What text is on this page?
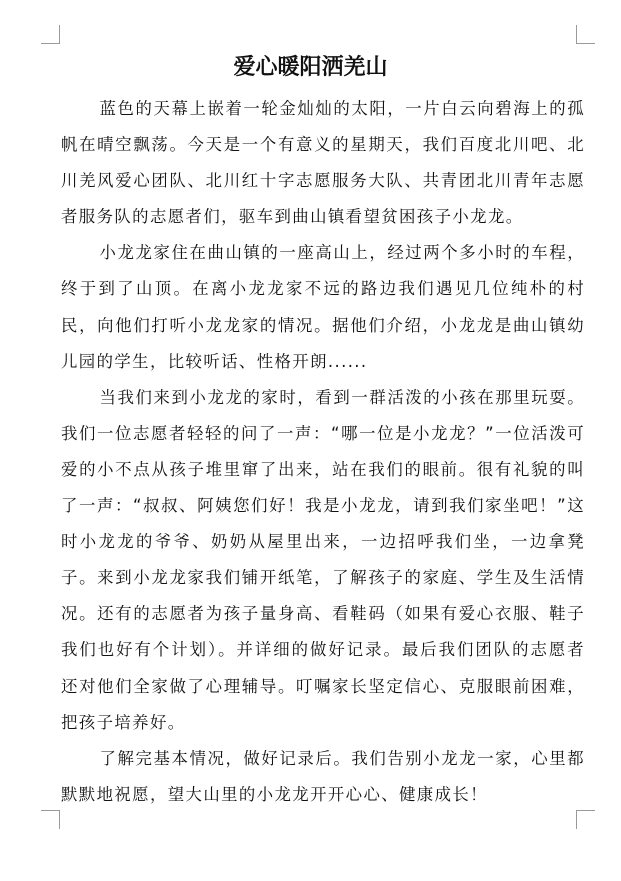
爱心暖阳洒羌山

蓝色的天幕上嵌着一轮金灿灿的太阳，一片白云向碧海上的孤帆在晴空飘荡。今天是一个有意义的星期天，我们百度北川吧、北川羌风爱心团队、北川红十字志愿服务大队、共青团北川青年志愿者服务队的志愿者们，驱车到曲山镇看望贫困孩子小龙龙。

小龙龙家住在曲山镇的一座高山上，经过两个多小时的车程，终于到了山顶。在离小龙龙家不远的路边我们遇见几位纯朴的村民，向他们打听小龙龙家的情况。据他们介绍，小龙龙是曲山镇幼儿园的学生，比较听话、性格开朗......

当我们来到小龙龙的家时，看到一群活泼的小孩在那里玩耍。我们一位志愿者轻轻的问了一声：“哪一位是小龙龙？”一位活泼可爱的小不点从孩子堆里窜了出来，站在我们的眼前。很有礼貌的叫了一声：“叔叔、阿姨您们好！我是小龙龙，请到我们家坐吧！”这时小龙龙的爷爷、奶奶从屋里出来，一边招呼我们坐，一边拿凳子。来到小龙龙家我们铺开纸笔，了解孩子的家庭、学生及生活情况。还有的志愿者为孩子量身高、看鞋码（如果有爱心衣服、鞋子我们也好有个计划）。并详细的做好记录。最后我们团队的志愿者还对他们全家做了心理辅导。叮嘱家长坚定信心、克服眼前困难，把孩子培养好。

了解完基本情况，做好记录后。我们告别小龙龙一家，心里都默默地祝愿，望大山里的小龙龙开开心心、健康成长！
